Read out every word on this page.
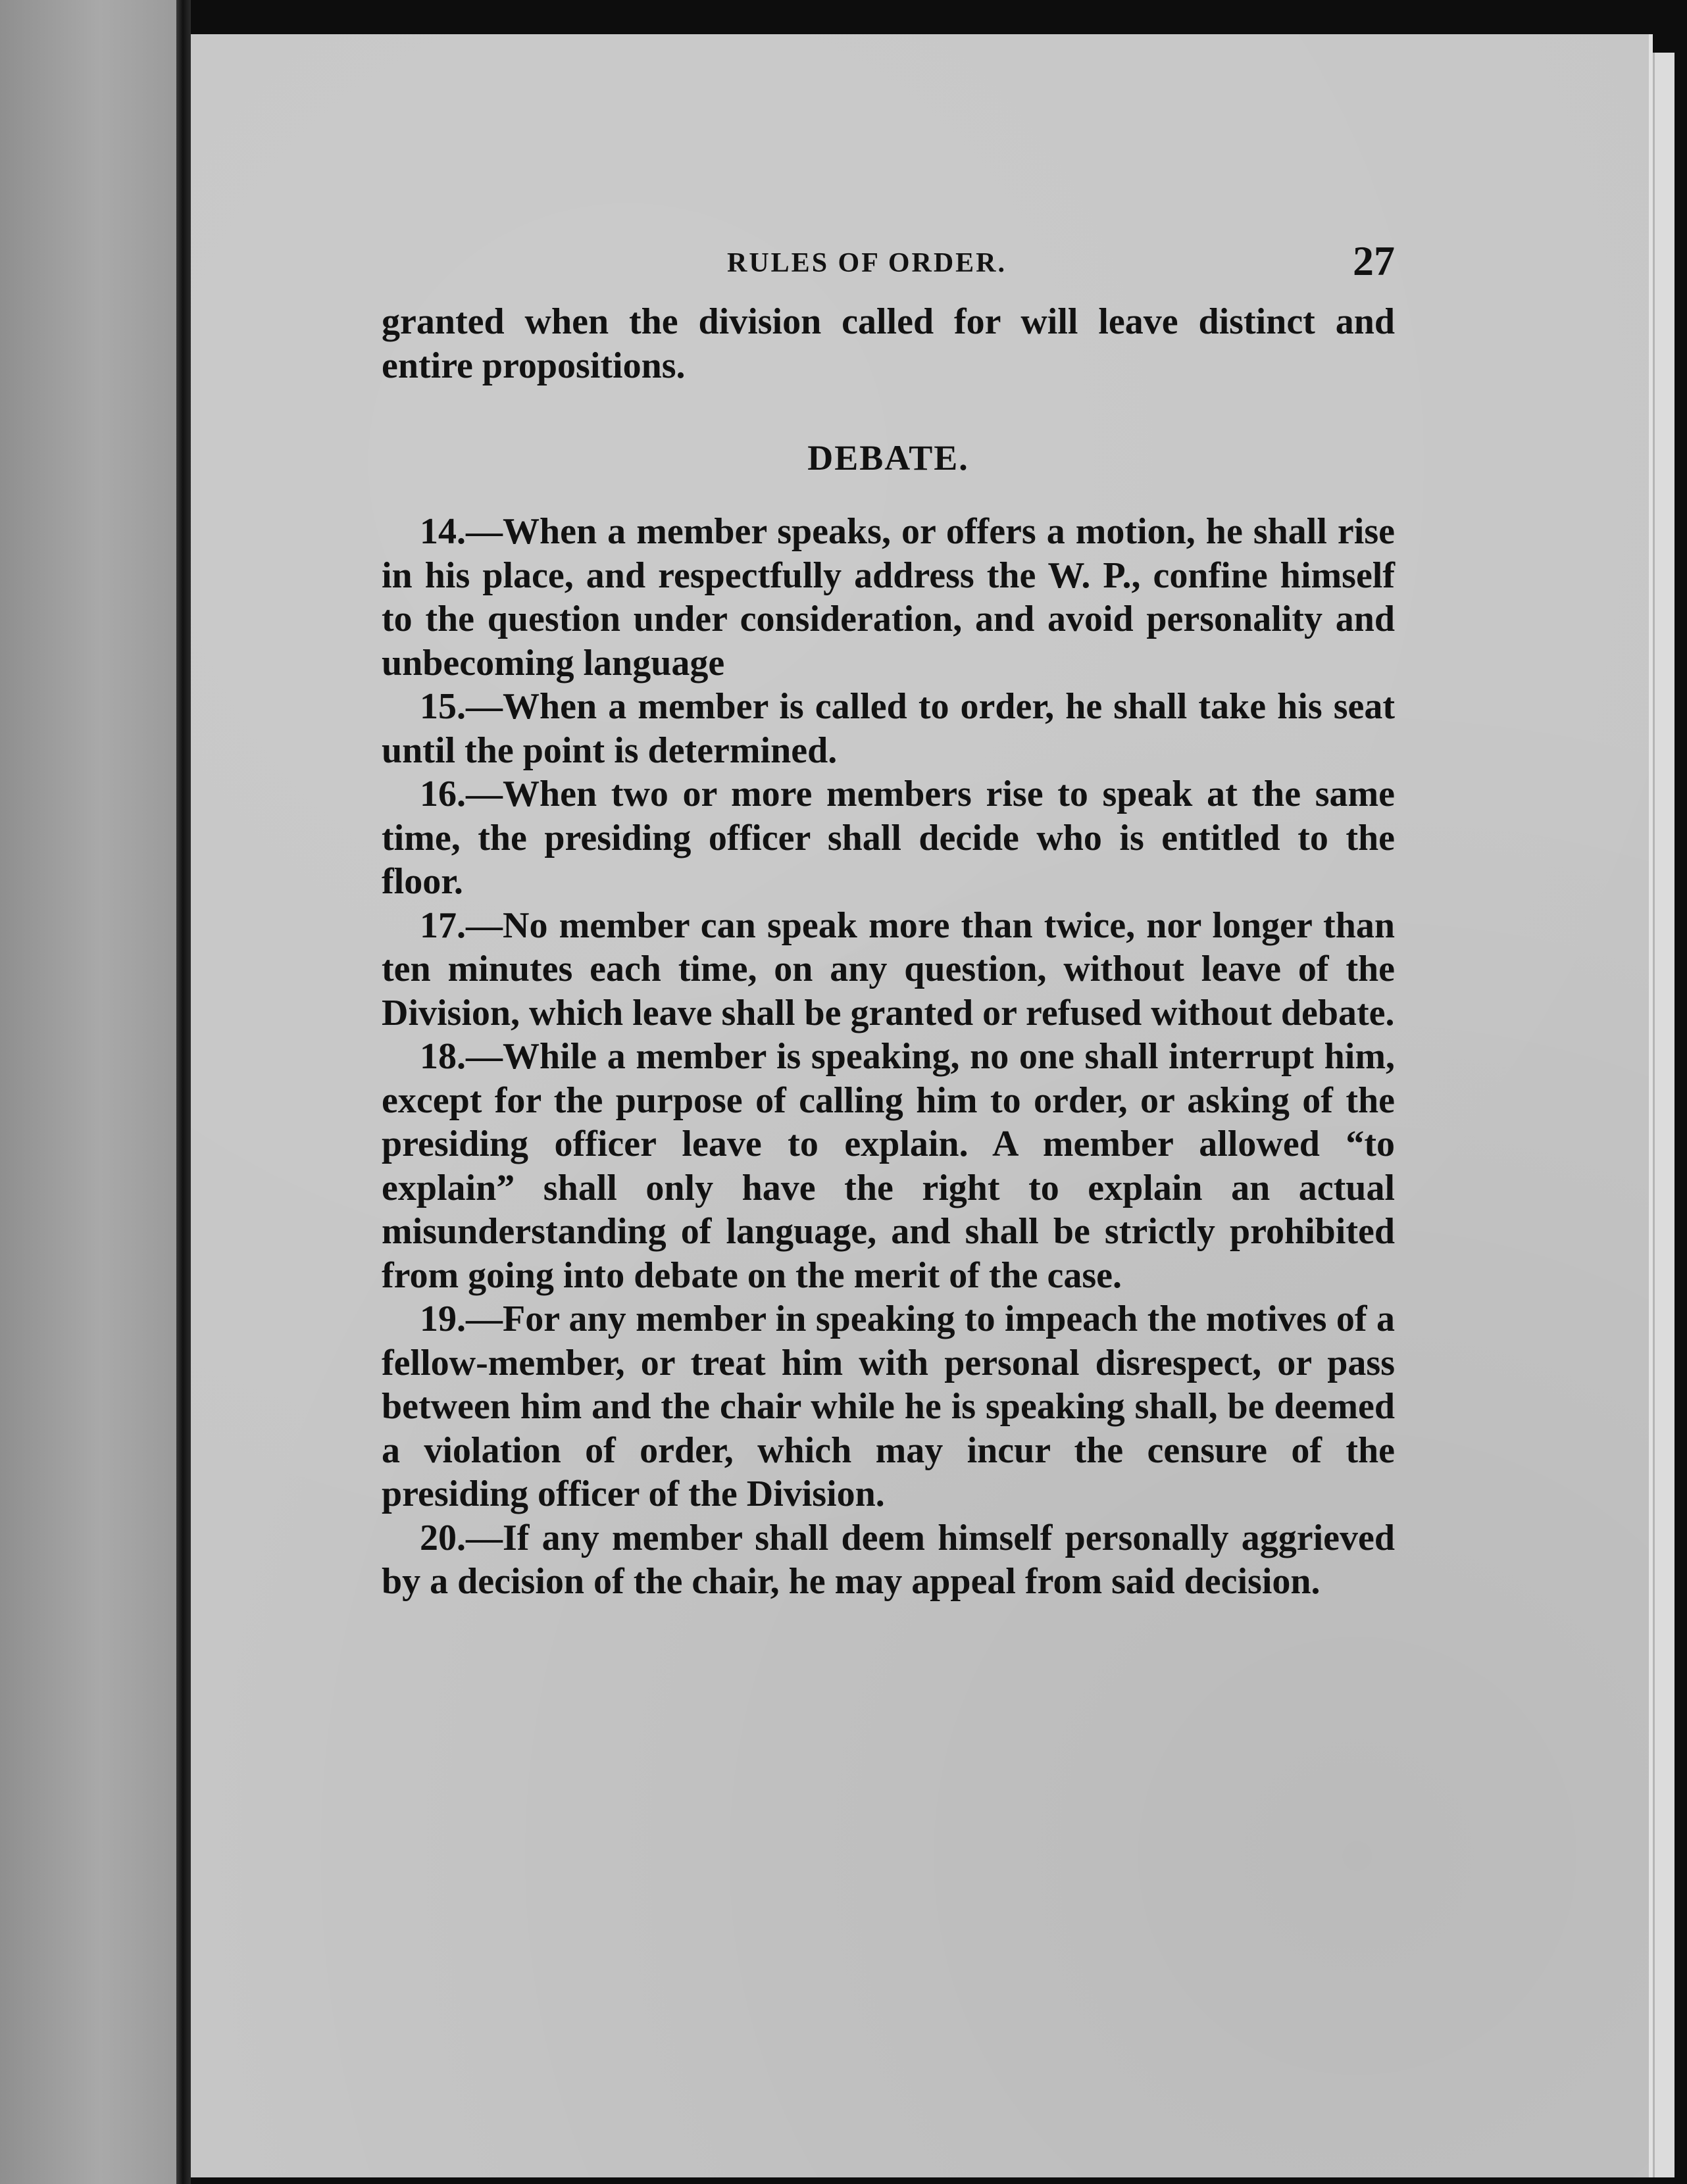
RULES OF ORDER.	27

granted when the division called for will leave distinct and entire propositions.

DEBATE.

14.—When a member speaks, or offers a motion, he shall rise in his place, and respectfully address the W. P., confine himself to the question under consideration, and avoid personality and unbecoming language

15.—When a member is called to order, he shall take his seat until the point is determined.

16.—When two or more members rise to speak at the same time, the presiding officer shall decide who is entitled to the floor.

17.—No member can speak more than twice, nor longer than ten minutes each time, on any question, without leave of the Division, which leave shall be granted or refused without debate.

18.—While a member is speaking, no one shall interrupt him, except for the purpose of calling him to order, or asking of the presiding officer leave to explain. A member allowed “to explain” shall only have the right to explain an actual misunderstanding of language, and shall be strictly prohibited from going into debate on the merit of the case.

19.—For any member in speaking to impeach the motives of a fellow-member, or treat him with personal disrespect, or pass between him and the chair while he is speaking shall, be deemed a violation of order, which may incur the censure of the presiding officer of the Division.

20.—If any member shall deem himself personally aggrieved by a decision of the chair, he may appeal from said decision.
